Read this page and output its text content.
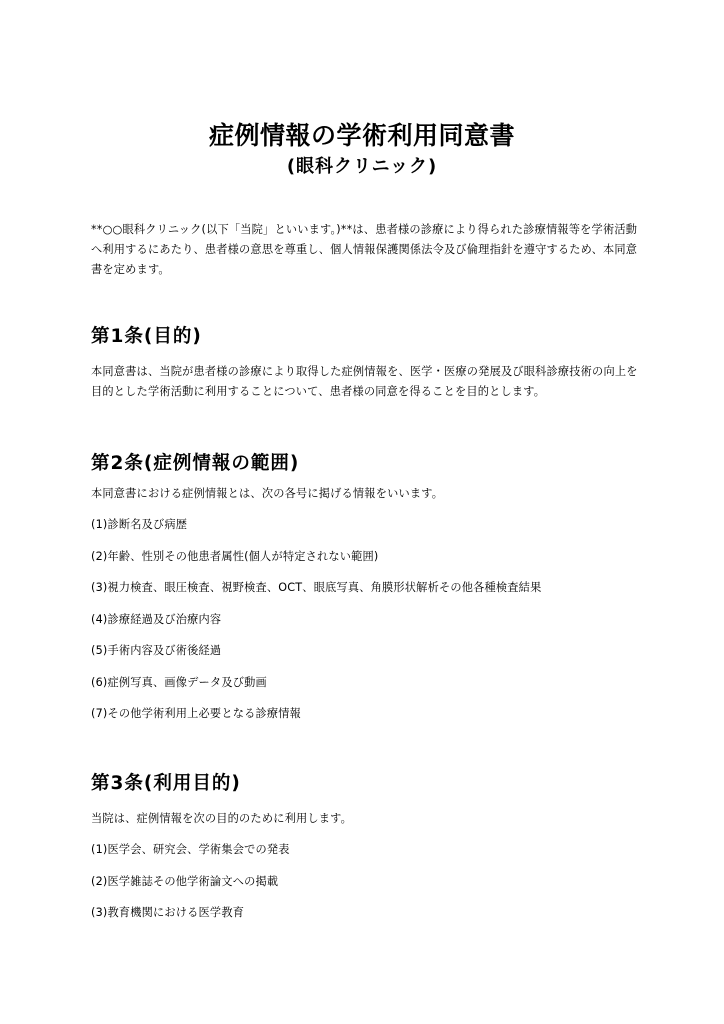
症例情報の学術利用同意書
(眼科クリニック)
**○○眼科クリニック(以下「当院」といいます。)**は、患者様の診療により得られた診療情報等を学術活動へ利用するにあたり、患者様の意思を尊重し、個人情報保護関係法令及び倫理指針を遵守するため、本同意書を定めます。
第1条(目的)
本同意書は、当院が患者様の診療により取得した症例情報を、医学・医療の発展及び眼科診療技術の向上を目的とした学術活動に利用することについて、患者様の同意を得ることを目的とします。
第2条(症例情報の範囲)
本同意書における症例情報とは、次の各号に掲げる情報をいいます。
(1)診断名及び病歴
(2)年齢、性別その他患者属性(個人が特定されない範囲)
(3)視力検査、眼圧検査、視野検査、OCT、眼底写真、角膜形状解析その他各種検査結果
(4)診療経過及び治療内容
(5)手術内容及び術後経過
(6)症例写真、画像データ及び動画
(7)その他学術利用上必要となる診療情報
第3条(利用目的)
当院は、症例情報を次の目的のために利用します。
(1)医学会、研究会、学術集会での発表
(2)医学雑誌その他学術論文への掲載
(3)教育機関における医学教育
